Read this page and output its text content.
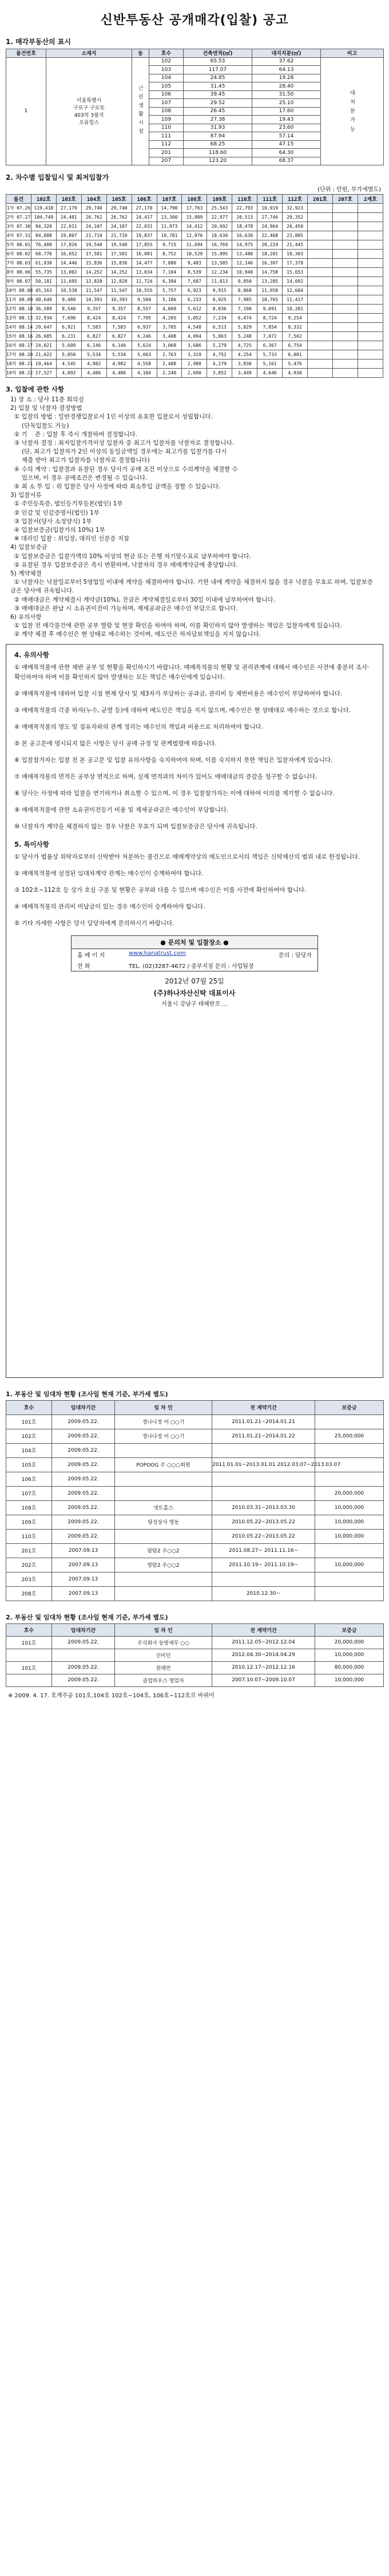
신반투동산 공개매각(입찰) 공고
1. 매각부동산의 표시
물건번호	소재지	동	호수	건축면적(㎡)	대지지분(㎡)	비고
1	서울특별시
구로구 구로동
403의 3필지
오류힐스	근린생활시설	102	65.53	37.62	대 처 분 가 능
			103	117.07	64.13	
			104	24.85	19.28	
			105	31.45	28.40	
			106	39.45	31.50	
			107	29.52	25.10	
			108	26.45	17.60	
			109	27.38	19.43	
			110	31.93	23.60	
			111	87.94	57.14	
			112	68.25	47.15	
			201	118.60	64.30	
			207	123.20	68.37	
2. 차수별 입찰일시 및 최저입찰가
(단위 : 만원, 부가세별도)
물건	102호	103호	104호	105호	106호	107호	108호	109호	110호	111호	112호	201호	207호	2계호
1차 07.26	119,418	27,179	29,740	29,740	27,170	14,790	17,763	25,543	22,793	10,919	32,923			
2차 07.27	104,749	24,401	26,762	26,762	24,417	13,300	15,989	22,977	20,513	27,746	29,352			
3차 07.30	94,320	22,011	24,107	24,107	22,031	11,973	14,412	20,692	18,478	24,964	26,450			
4차 07.31	84,888	19,807	21,710	21,710	19,837	10,781	12,976	18,630	16,630	22,468	23,805			
5차 08.01	76,400	17,826	19,540	19,540	17,855	9,715	11,694	16,769	14,975	20,224	21,445			
6차 08.02	68,776	16,052	17,581	17,581	16,081	8,752	10,529	15,095	13,480	18,201	19,303			
7차 08.03	61,938	14,446	15,836	15,836	14,477	7,880	9,483	13,585	12,146	16,397	17,379			
8차 08.06	55,735	13,002	14,252	14,252	13,034	7,104	8,539	12,234	10,940	14,758	15,653			
9차 08.07	50,181	11,695	12,828	12,828	11,724	6,394	7,687	11,013	9,850	13,285	14,092			
10차 08.08	45,163	10,538	11,547	11,547	10,555	5,757	6,923	9,915	8,868	11,958	12,684			
11차 08.09	40,649	9,489	10,393	10,393	9,504	5,186	6,233	8,925	7,985	10,765	11,417			
12차 08.10	36,589	8,540	9,357	9,357	8,557	4,669	5,612	8,036	7,190	9,691	10,281			
13차 08.13	32,934	7,690	8,424	8,424	7,705	4,205	5,052	7,234	6,474	8,724	9,254			
14차 08.14	29,647	6,921	7,583	7,583	6,937	3,785	4,548	6,513	5,829	7,854	8,332			
15차 08.16	26,685	6,231	6,827	6,827	6,246	3,408	4,094	5,863	5,248	7,072	7,502			
16차 08.17	24,021	5,609	6,146	6,146	5,624	3,068	3,686	5,279	4,725	6,367	6,754			
17차 08.20	21,622	5,050	5,534	5,534	5,063	2,763	3,319	4,752	4,254	5,733	6,081			
18차 08.21	19,464	4,545	4,982	4,982	4,558	2,488	2,988	4,279	3,830	5,161	5,476			
19차 08.22	17,527	4,092	4,486	4,486	4,104	2,240	2,690	3,852	3,449	4,646	4,930			
3. 입찰에 관한 사항
1) 장 소 : 당사 11층 회의실
2) 입찰 및 낙찰자 결정방법
① 입찰의 방법 : 일반경쟁입찰로서 1인 이상의 유효한 입찰로서 성립합니다.
(단독입찰도 가능)
② 기    준 : 입찰 후 즉시 개찰하여 결정합니다.
③ 낙찰자 결정 : 최저입찰가격이상 입찰자 중 최고가 입찰자를 낙찰자로 결정합니다.
(단, 최고가 입찰자가 2인 이상의 동일금액일 경우에는 최고가를 입찰가를 다시
제출 받아 최고가 입찰자를 낙찰자로 결정합니다)
④ 수의 계약 : 입찰결과 유찰된 경우 당사가 공매 조건 이상으로 수의계약을 체결할 수
있으며, 이 경우 공매조건은 변경될 수 있습니다.
⑤ 최 소 투 입 : 위 입찰은 당사 사정에 따라 최소투입 금액을 정할 수 있습니다.
3) 입찰서류
① 주민등록증, 법인등기부등본(법인) 1부
② 인감 및 인감증명서(법인) 1부
③ 입찰서(당사 소정양식) 1부
④ 입찰보증금(입찰가의 10%) 1부
※ 대리인 입찰 : 위임장, 대리인 신분증 지참
4) 입찰보증금
① 입찰보증금은 입찰가액의 10% 이상의 현금 또는 은행 자기앞수표로 납부하여야 합니다.
② 유찰된 경우 입찰보증금은 즉시 반환하며, 낙찰자의 경우 매매계약금에 충당합니다.
5) 계약체결
① 낙찰자는 낙찰일로부터 5영업일 이내에 계약을 체결하여야 합니다. 기한 내에 계약을 체결하지 않을 경우 낙찰을 무효로 하며, 입찰보증금은 당사에 귀속됩니다.
② 매매대금은 계약체결시 계약금(10%), 잔금은 계약체결일로부터 30일 이내에 납부하여야 합니다.
③ 매매대금은 완납 시 소유권이전이 가능하며, 제세공과금은 매수인 부담으로 합니다.
6) 유의사항
① 입찰 전 매각물건에 관한 공부 열람 및 현장 확인을 하여야 하며, 이를 확인하지 않아 발생하는 책임은 입찰자에게 있습니다.
② 계약 체결 후 매수인은 현 상태로 매수하는 것이며, 매도인은 하자담보책임을 지지 않습니다.
4. 유의사항
① 매매목적물에 관한 제반 공부 및 현황을 확인하시기 바랍니다. 매매목적물의 현황 및 권리관계에 대해서 매수인은 사전에 충분히 조사·확인하여야 하며 이를 확인하지 않아 발생하는 모든 책임은 매수인에게 있습니다.
② 매매목적물에 대하여 입찰 시점 현재 당사 및 제3자가 부담하는 공과금, 관리비 등 제반비용은 매수인이 부담하여야 합니다.
③ 매매목적물의 각종 하자(누수, 균열 등)에 대하여 매도인은 책임을 지지 않으며, 매수인은 현 상태대로 매수하는 것으로 합니다.
④ 매매목적물의 명도 및 점유자와의 관계 정리는 매수인의 책임과 비용으로 처리하여야 합니다.
⑤ 본 공고문에 명시되지 않은 사항은 당사 공매 규정 및 관계법령에 따릅니다.
⑥ 입찰참가자는 입찰 전 본 공고문 및 입찰 유의사항을 숙지하여야 하며, 이를 숙지하지 못한 책임은 입찰자에게 있습니다.
⑦ 매매목적물의 면적은 공부상 면적으로 하며, 실제 면적과의 차이가 있어도 매매대금의 증감을 청구할 수 없습니다.
⑧ 당사는 사정에 따라 입찰을 연기하거나 취소할 수 있으며, 이 경우 입찰참가자는 이에 대하여 이의를 제기할 수 없습니다.
⑨ 매매목적물에 관한 소유권이전등기 비용 및 제세공과금은 매수인이 부담합니다.
⑩ 낙찰자가 계약을 체결하지 않는 경우 낙찰은 무효가 되며 입찰보증금은 당사에 귀속됩니다.
5. 특이사항
① 당사가 법률상 위탁자로부터 신탁받아 처분하는 물건으로 매매계약상의 매도인으로서의 책임은 신탁재산의 범위 내로 한정됩니다.
② 매매목적물에 설정된 임대차계약 관계는 매수인이 승계하여야 합니다.
③ 102호~112호 등 상가 호실 구분 및 현황은 공부와 다를 수 있으며 매수인은 이를 사전에 확인하여야 합니다.
④ 매매목적물의 관리비 미납금이 있는 경우 매수인이 승계하여야 합니다.
⑤ 기타 자세한 사항은 당사 담당자에게 문의하시기 바랍니다.
● 문의처 및 입찰장소 ●
홈 페 이 지	www.hanatrust.com	문의 : 담당자
전 화	TEL. (02)3287-4672 / 중부지점 문의 : 사업팀장
2012년 07월 25일
(주)하나자산신탁 대표이사
서울시 강남구 테헤란로 ...
1. 부동산 및 임대차 현황 (조사일 현재 기준, 부가세 별도)
호수	임대차기간	임 차 인	전 계약기간	보증금
101호	2009.05.22.	정나나정 어 ○○기	2011.01.21~2014.01.21	
102호	2009.05.22.	정나나정 어 ○○기	2011.01.21~2014.01.22	25,000,000
104호	2009.05.22.			
105호	2009.05.22.	POPOOG 주 ○○○회원	2011.01.01~2013.01.01 2012.03.07~2013.03.07	
106호	2009.05.22.			
107호	2009.05.22.			20,000,000
108호	2009.05.22.	넷트홀스	2010.03.31~2013.03.30	10,000,000
109호	2009.05.22.	당성상사 영동	2010.05.22~2013.05.22	10,000,000
110호	2009.05.22.		2010.05.22~2013.05.22	10,000,000
201호	2007.09.13	탐탐2 주○○2	2011.08.27~ 2011.11.16~	
202호	2007.09.13	방탐2 주○○2	2011.10.19~ 2011.10.19~	10,000,000
203호	2007.09.13			
208호	2007.09.13		2010.12.30~	
2. 부동산 및 임대차 현황 (조사일 현재 기준, 부가세 별도)
호수	임대차기간	임 차 인	전 계약기간	보증금
101호	2009.05.22.	주식회사 동방세무 ○○	2011.12.05~2012.12.04	20,000,000
		신비인	2012.04.30~2014.04.29	10,000,000
101호	2009.05.22.	윈헤빈	2010.12.17~2012.12.16	80,000,000
	2009.05.22.	클럽하우스 영업자	2007.10.07~2009.10.07	10,000,000
※ 2009. 4. 17. 호계주공 101호,104호 102호~104호, 106호~112호로 바뀌어
